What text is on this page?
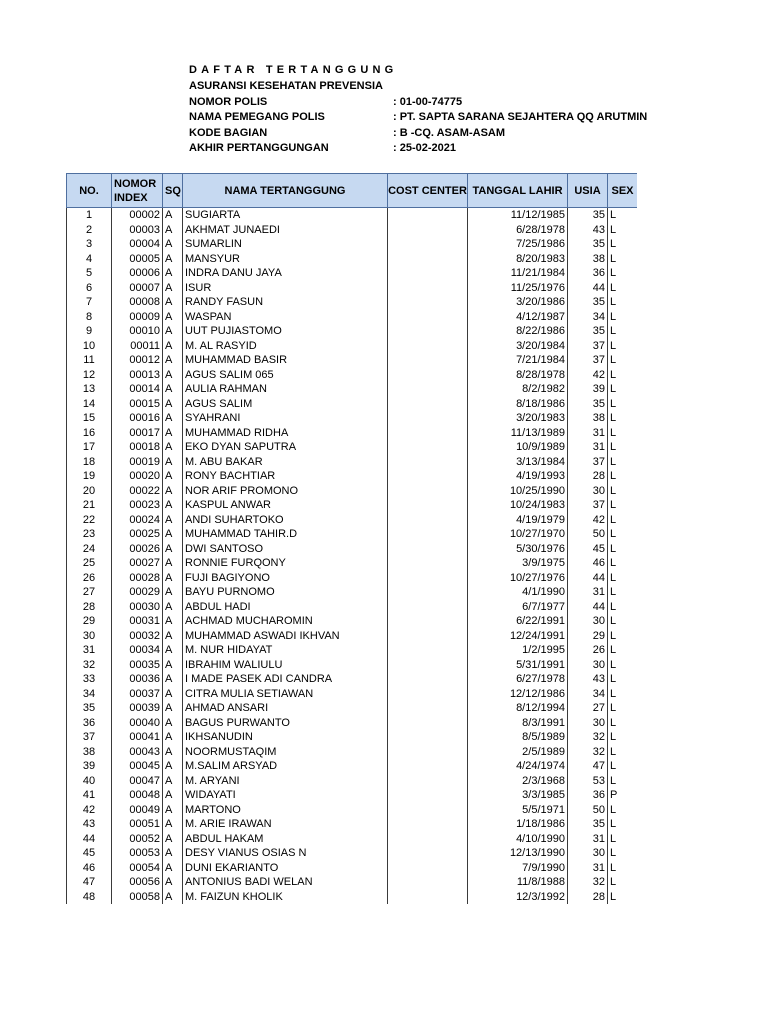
DAFTAR TERTANGGUNG
ASURANSI KESEHATAN PREVENSIA
NOMOR POLIS	: 01-00-74775
NAMA PEMEGANG POLIS	: PT. SAPTA SARANA SEJAHTERA QQ ARUTMIN
KODE BAGIAN	: B -CQ. ASAM-ASAM
AKHIR PERTANGGUNGAN	: 25-02-2021
NO.	NOMOR INDEX	SQ	NAMA TERTANGGUNG	COST CENTER	TANGGAL LAHIR	USIA	SEX
1	00002	A	SUGIARTA		11/12/1985	35	L
2	00003	A	AKHMAT JUNAEDI		6/28/1978	43	L
3	00004	A	SUMARLIN		7/25/1986	35	L
4	00005	A	MANSYUR		8/20/1983	38	L
5	00006	A	INDRA DANU JAYA		11/21/1984	36	L
6	00007	A	ISUR		11/25/1976	44	L
7	00008	A	RANDY FASUN		3/20/1986	35	L
8	00009	A	WASPAN		4/12/1987	34	L
9	00010	A	UUT PUJIASTOMO		8/22/1986	35	L
10	00011	A	M. AL RASYID		3/20/1984	37	L
11	00012	A	MUHAMMAD BASIR		7/21/1984	37	L
12	00013	A	AGUS SALIM 065		8/28/1978	42	L
13	00014	A	AULIA RAHMAN		8/2/1982	39	L
14	00015	A	AGUS SALIM		8/18/1986	35	L
15	00016	A	SYAHRANI		3/20/1983	38	L
16	00017	A	MUHAMMAD RIDHA		11/13/1989	31	L
17	00018	A	EKO DYAN SAPUTRA		10/9/1989	31	L
18	00019	A	M. ABU BAKAR		3/13/1984	37	L
19	00020	A	RONY BACHTIAR		4/19/1993	28	L
20	00022	A	NOR ARIF PROMONO		10/25/1990	30	L
21	00023	A	KASPUL ANWAR		10/24/1983	37	L
22	00024	A	ANDI SUHARTOKO		4/19/1979	42	L
23	00025	A	MUHAMMAD TAHIR.D		10/27/1970	50	L
24	00026	A	DWI SANTOSO		5/30/1976	45	L
25	00027	A	RONNIE FURQONY		3/9/1975	46	L
26	00028	A	FUJI BAGIYONO		10/27/1976	44	L
27	00029	A	BAYU PURNOMO		4/1/1990	31	L
28	00030	A	ABDUL HADI		6/7/1977	44	L
29	00031	A	ACHMAD MUCHAROMIN		6/22/1991	30	L
30	00032	A	MUHAMMAD ASWADI IKHVAN		12/24/1991	29	L
31	00034	A	M. NUR HIDAYAT		1/2/1995	26	L
32	00035	A	IBRAHIM WALIULU		5/31/1991	30	L
33	00036	A	I MADE PASEK ADI CANDRA		6/27/1978	43	L
34	00037	A	CITRA MULIA SETIAWAN		12/12/1986	34	L
35	00039	A	AHMAD ANSARI		8/12/1994	27	L
36	00040	A	BAGUS PURWANTO		8/3/1991	30	L
37	00041	A	IKHSANUDIN		8/5/1989	32	L
38	00043	A	NOORMUSTAQIM		2/5/1989	32	L
39	00045	A	M.SALIM ARSYAD		4/24/1974	47	L
40	00047	A	M. ARYANI		2/3/1968	53	L
41	00048	A	WIDAYATI		3/3/1985	36	P
42	00049	A	MARTONO		5/5/1971	50	L
43	00051	A	M. ARIE IRAWAN		1/18/1986	35	L
44	00052	A	ABDUL HAKAM		4/10/1990	31	L
45	00053	A	DESY VIANUS OSIAS N		12/13/1990	30	L
46	00054	A	DUNI EKARIANTO		7/9/1990	31	L
47	00056	A	ANTONIUS BADI WELAN		11/8/1988	32	L
48	00058	A	M. FAIZUN KHOLIK		12/3/1992	28	L
